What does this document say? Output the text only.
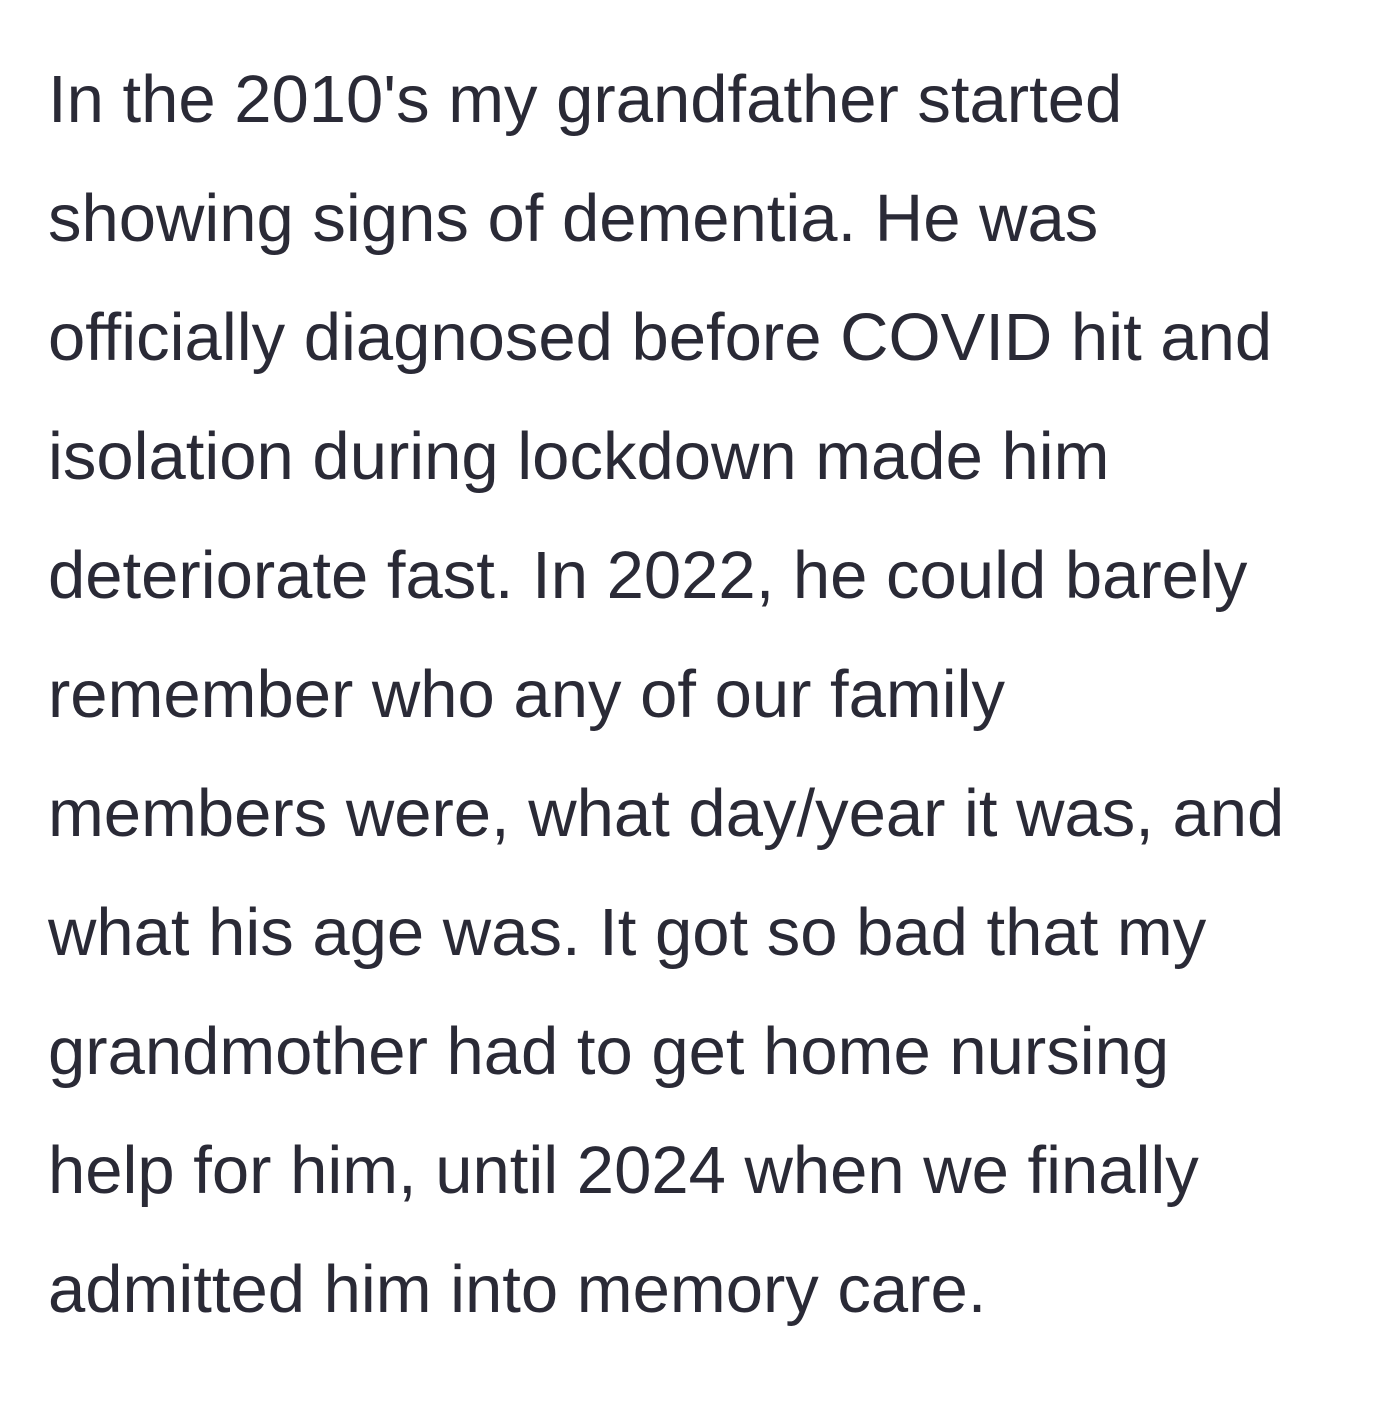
In the 2010's my grandfather started
showing signs of dementia. He was
officially diagnosed before COVID hit and
isolation during lockdown made him
deteriorate fast. In 2022, he could barely
remember who any of our family
members were, what day/year it was, and
what his age was. It got so bad that my
grandmother had to get home nursing
help for him, until 2024 when we finally
admitted him into memory care.
